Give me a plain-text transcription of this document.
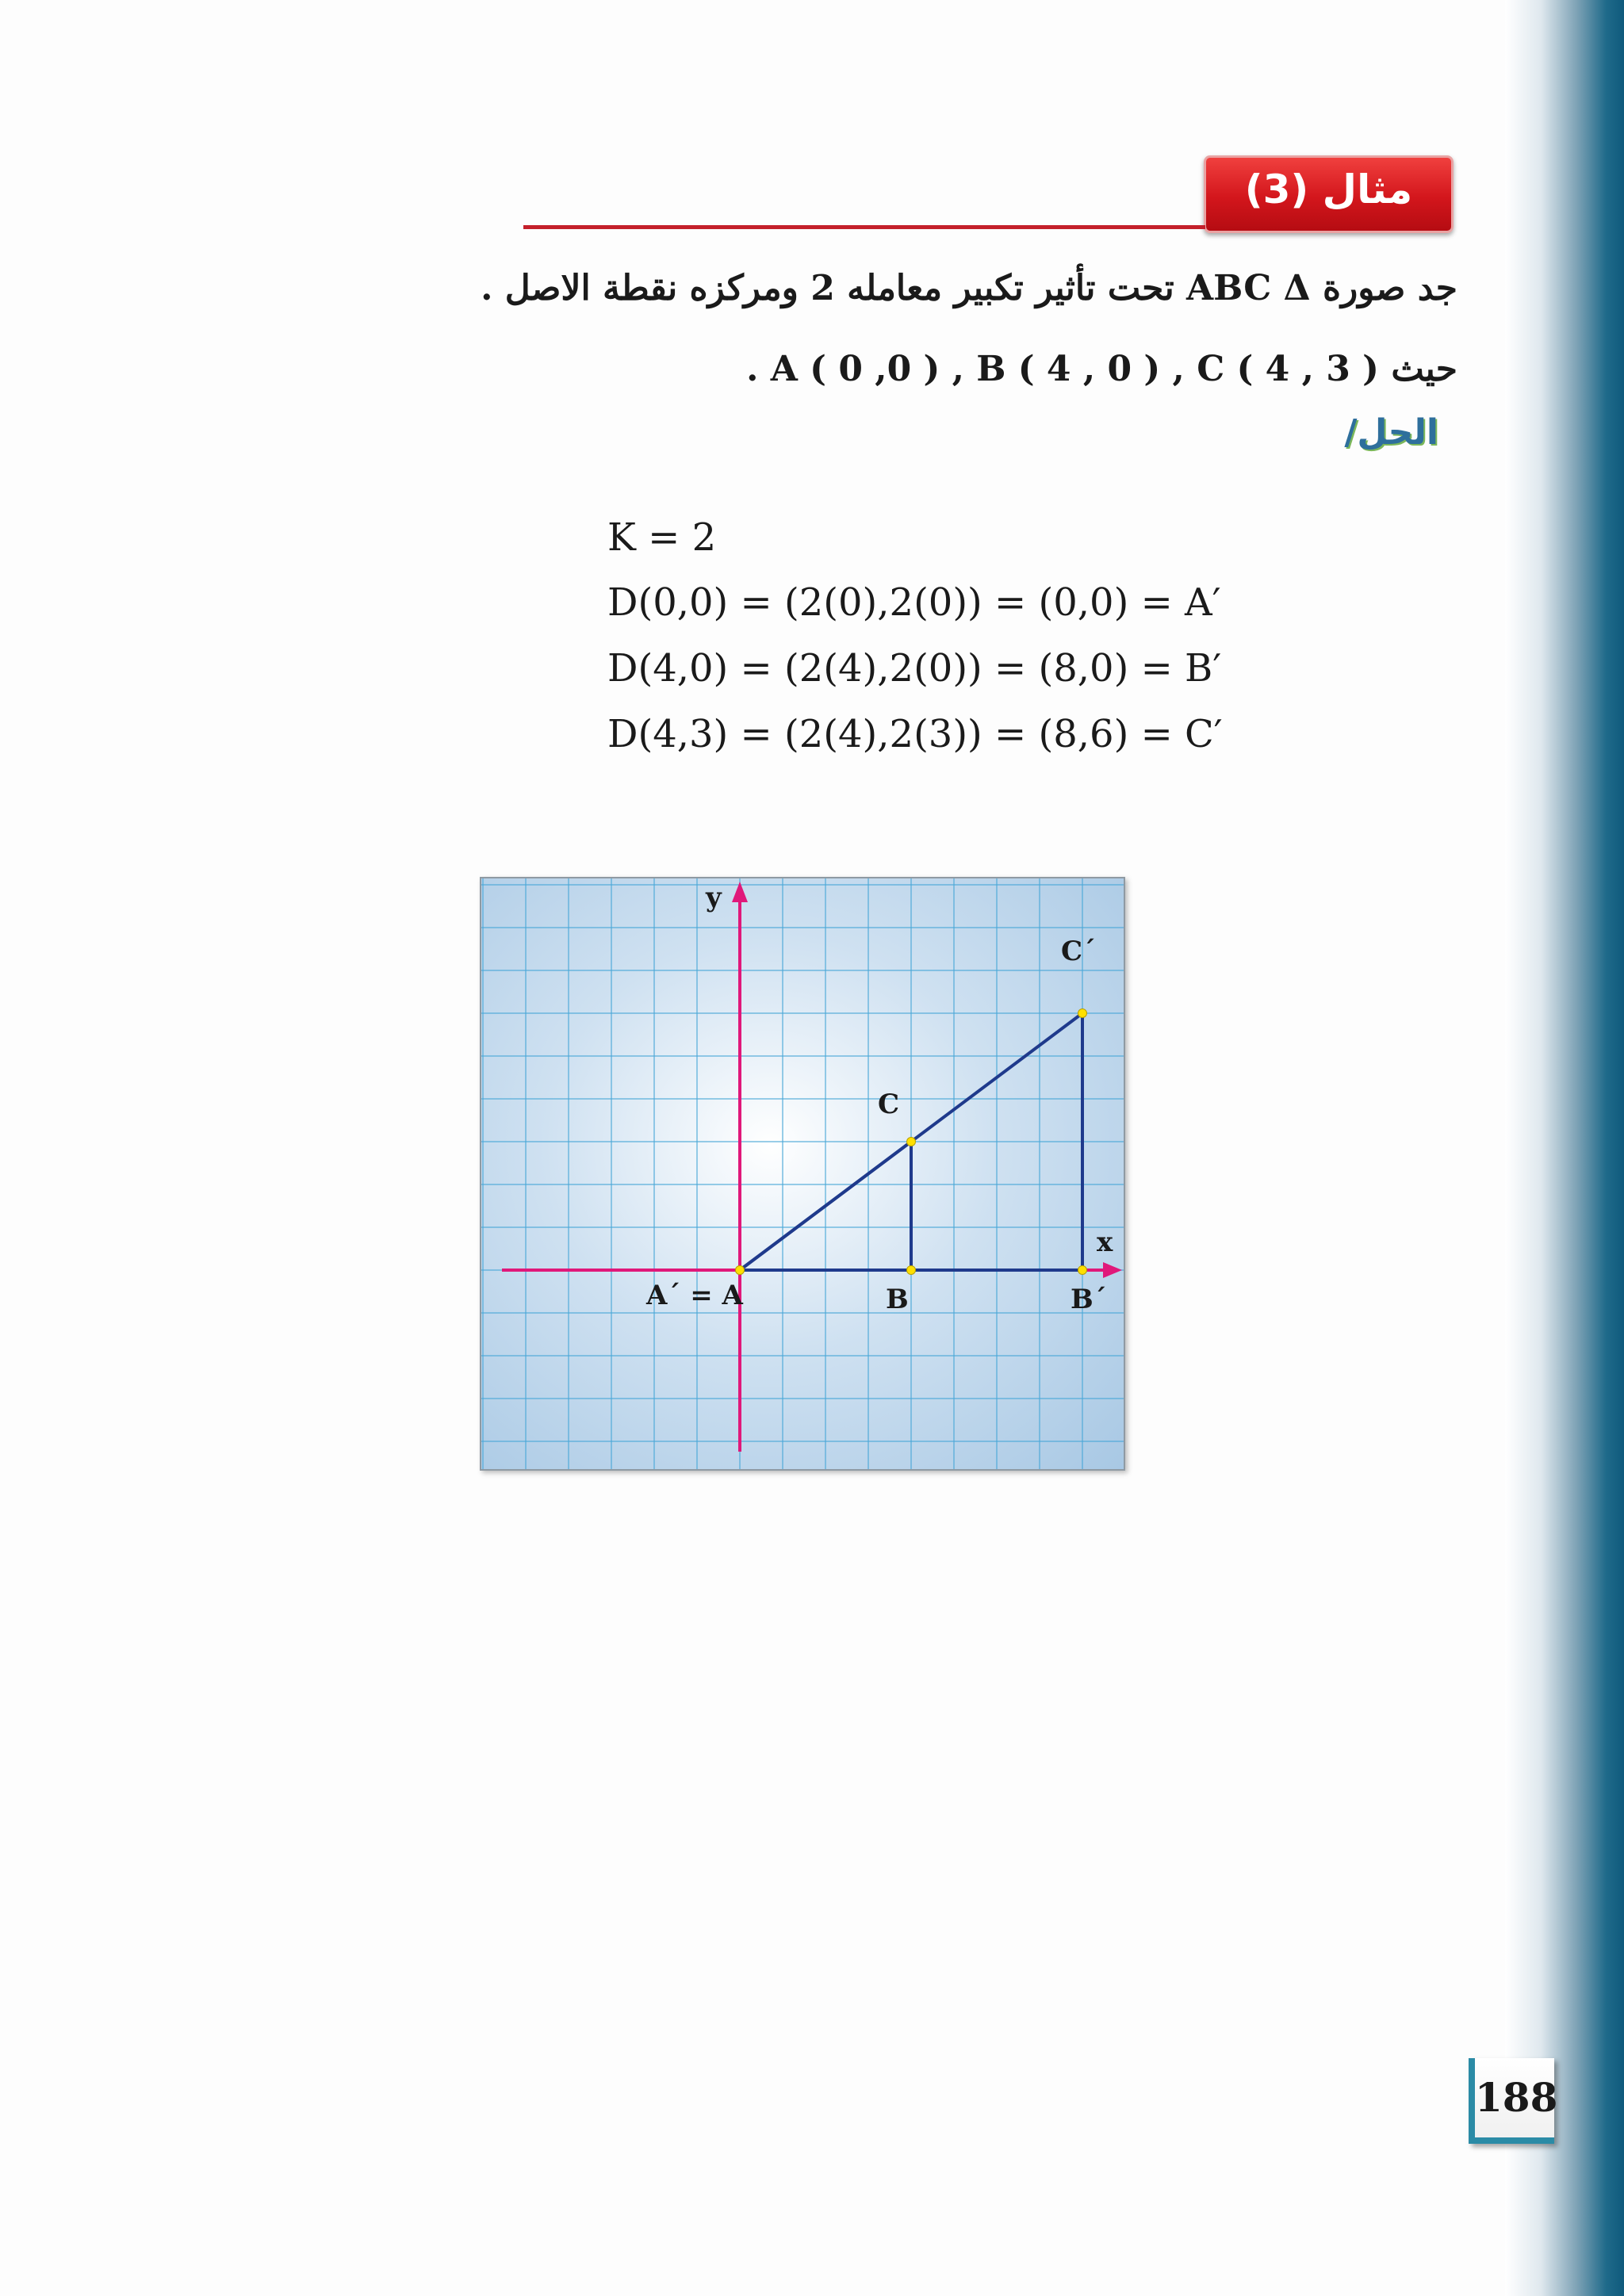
مثال (3)
جد صورة ABC Δ تحت تأثير تكبير معامله 2 ومركزه نقطة الاصل .
حيث ( A ( 0 ,0 ) , B ( 4 , 0 ) , C ( 4 , 3 .
الحل/
K = 2
D(0,0) = (2(0),2(0)) = (0,0) = A′
D(4,0) = (2(4),2(0)) = (8,0) = B′
D(4,3) = (2(4),2(3)) = (8,6) = C′
y
x
A´ = A	B
C
B´
C´
188
